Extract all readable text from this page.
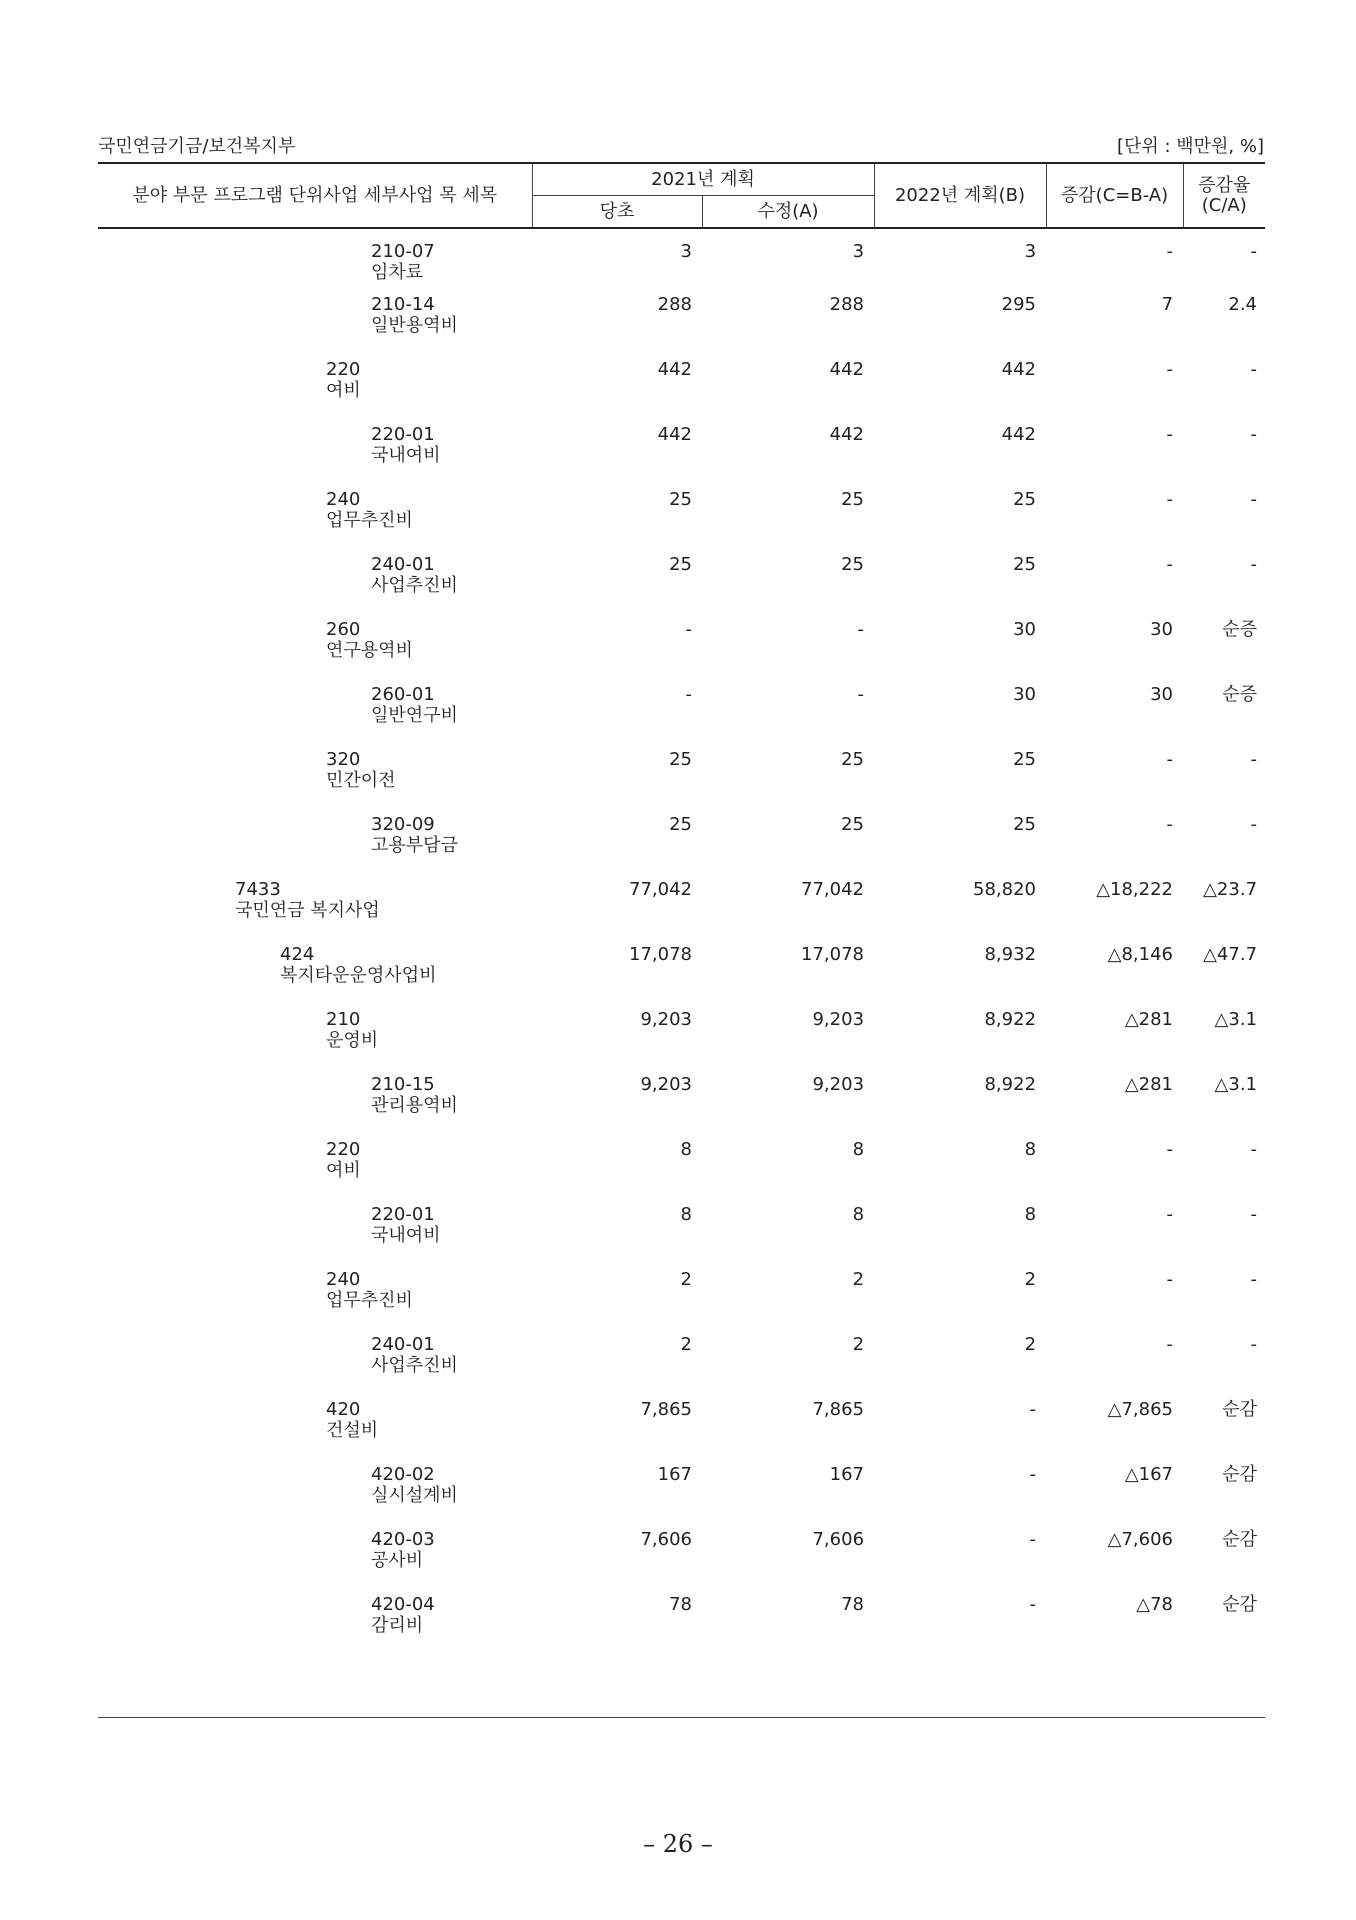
국민연금기금/보건복지부	[단위 : 백만원, %]
분야 부문 프로그램 단위사업 세부사업 목 세목	2021년 계획		2022년 계획(B)	증감(C=B-A)	증감율
(C/A)
	당초	수정(A)			

210-07
임차료	3	3	3	-	-

210-14
일반용역비	288	288	295	7	2.4

220
여비	442	442	442	-	-

220-01
국내여비	442	442	442	-	-

240
업무추진비	25	25	25	-	-

240-01
사업추진비	25	25	25	-	-

260
연구용역비	-	-	30	30	순증

260-01
일반연구비	-	-	30	30	순증

320
민간이전	25	25	25	-	-

320-09
고용부담금	25	25	25	-	-

7433
국민연금 복지사업	77,042	77,042	58,820	△18,222	△23.7

424
복지타운운영사업비	17,078	17,078	8,932	△8,146	△47.7

210
운영비	9,203	9,203	8,922	△281	△3.1

210-15
관리용역비	9,203	9,203	8,922	△281	△3.1

220
여비	8	8	8	-	-

220-01
국내여비	8	8	8	-	-

240
업무추진비	2	2	2	-	-

240-01
사업추진비	2	2	2	-	-

420
건설비	7,865	7,865	-	△7,865	순감

420-02
실시설계비	167	167	-	△167	순감

420-03
공사비	7,606	7,606	-	△7,606	순감

420-04
감리비	78	78	-	△78	순감
– 26 –
